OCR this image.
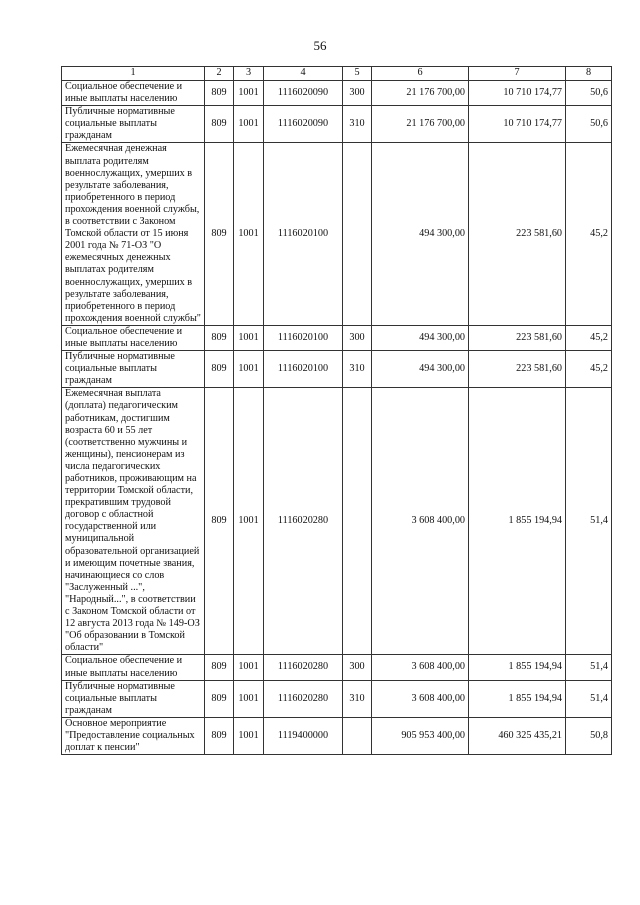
56
1	2	3	4	5	6	7	8
Социальное обеспечение и иные выплаты населению	809	1001	1116020090	300	21 176 700,00	10 710 174,77	50,6
Публичные нормативные социальные выплаты гражданам	809	1001	1116020090	310	21 176 700,00	10 710 174,77	50,6
Ежемесячная денежная выплата родителям военнослужащих, умерших в результате заболевания, приобретенного в период прохождения военной службы, в соответствии с Законом Томской области от 15 июня 2001 года № 71-ОЗ "О ежемесячных денежных выплатах родителям военнослужащих, умерших в результате заболевания, приобретенного в период прохождения военной службы"	809	1001	1116020100		494 300,00	223 581,60	45,2
Социальное обеспечение и иные выплаты населению	809	1001	1116020100	300	494 300,00	223 581,60	45,2
Публичные нормативные социальные выплаты гражданам	809	1001	1116020100	310	494 300,00	223 581,60	45,2
Ежемесячная выплата (доплата) педагогическим работникам, достигшим возраста 60 и 55 лет (соответственно мужчины и женщины), пенсионерам из числа педагогических работников, проживающим на территории Томской области, прекратившим трудовой договор с областной государственной или муниципальной образовательной организацией и имеющим почетные звания, начинающиеся со слов "Заслуженный ...", "Народный...", в соответствии с Законом Томской области от 12 августа 2013 года № 149-ОЗ "Об образовании в Томской области"	809	1001	1116020280		3 608 400,00	1 855 194,94	51,4
Социальное обеспечение и иные выплаты населению	809	1001	1116020280	300	3 608 400,00	1 855 194,94	51,4
Публичные нормативные социальные выплаты гражданам	809	1001	1116020280	310	3 608 400,00	1 855 194,94	51,4
Основное мероприятие "Предоставление социальных доплат к пенсии"	809	1001	1119400000		905 953 400,00	460 325 435,21	50,8
